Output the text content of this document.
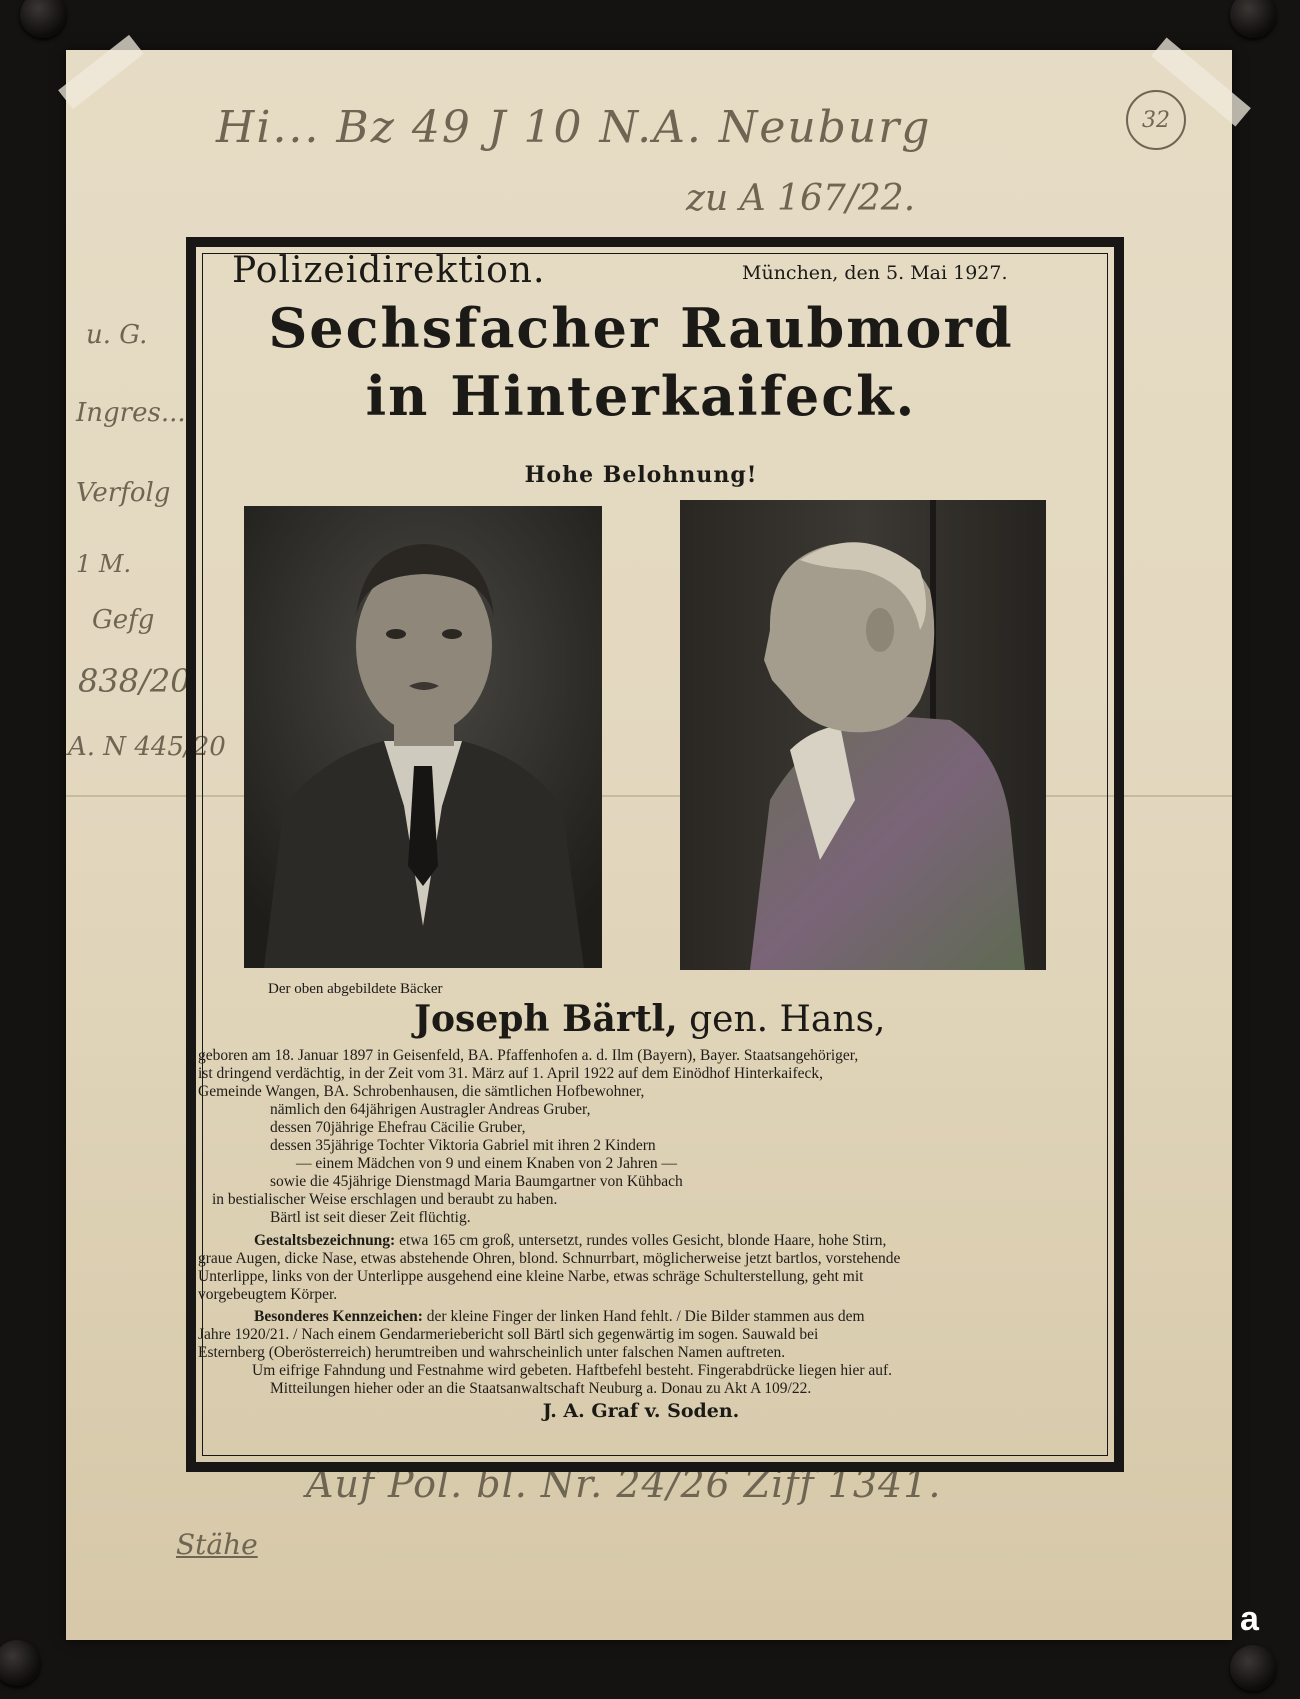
Hi... Bz 49 J 10 N.A. Neuburg
zu A 167/22.
32
u. G.
Ingres...
Verfolg
1 M.
Gefg
838/20
A. N 445/20
Auf Pol. bl. Nr. 24/26 Ziff 1341.
Stähe
Polizeidirektion.	München, den 5. Mai 1927.
Sechsfacher Raubmord
in Hinterkaifeck.
Hohe Belohnung!
Der oben abgebildete Bäcker
Joseph Bärtl, gen. Hans,
geboren am 18. Januar 1897 in Geisenfeld, BA. Pfaffenhofen a. d. Ilm (Bayern), Bayer. Staatsangehöriger,
ist dringend verdächtig, in der Zeit vom 31. März auf 1. April 1922 auf dem Einödhof Hinterkaifeck,
Gemeinde Wangen, BA. Schrobenhausen, die sämtlichen Hofbewohner,
nämlich den 64jährigen Austragler Andreas Gruber,
dessen 70jährige Ehefrau Cäcilie Gruber,
dessen 35jährige Tochter Viktoria Gabriel mit ihren 2 Kindern
— einem Mädchen von 9 und einem Knaben von 2 Jahren —
sowie die 45jährige Dienstmagd Maria Baumgartner von Kühbach
in bestialischer Weise erschlagen und beraubt zu haben.
Bärtl ist seit dieser Zeit flüchtig.
Gestaltsbezeichnung: etwa 165 cm groß, untersetzt, rundes volles Gesicht, blonde Haare, hohe Stirn,
graue Augen, dicke Nase, etwas abstehende Ohren, blond. Schnurrbart, möglicherweise jetzt bartlos, vorstehende
Unterlippe, links von der Unterlippe ausgehend eine kleine Narbe, etwas schräge Schulterstellung, geht mit
vorgebeugtem Körper.
Besonderes Kennzeichen: der kleine Finger der linken Hand fehlt. / Die Bilder stammen aus dem
Jahre 1920/21. / Nach einem Gendarmeriebericht soll Bärtl sich gegenwärtig im sogen. Sauwald bei
Esternberg (Oberösterreich) herumtreiben und wahrscheinlich unter falschen Namen auftreten.
Um eifrige Fahndung und Festnahme wird gebeten. Haftbefehl besteht. Fingerabdrücke liegen hier auf.
Mitteilungen hieher oder an die Staatsanwaltschaft Neuburg a. Donau zu Akt A 109/22.
J. A. Graf v. Soden.
a
